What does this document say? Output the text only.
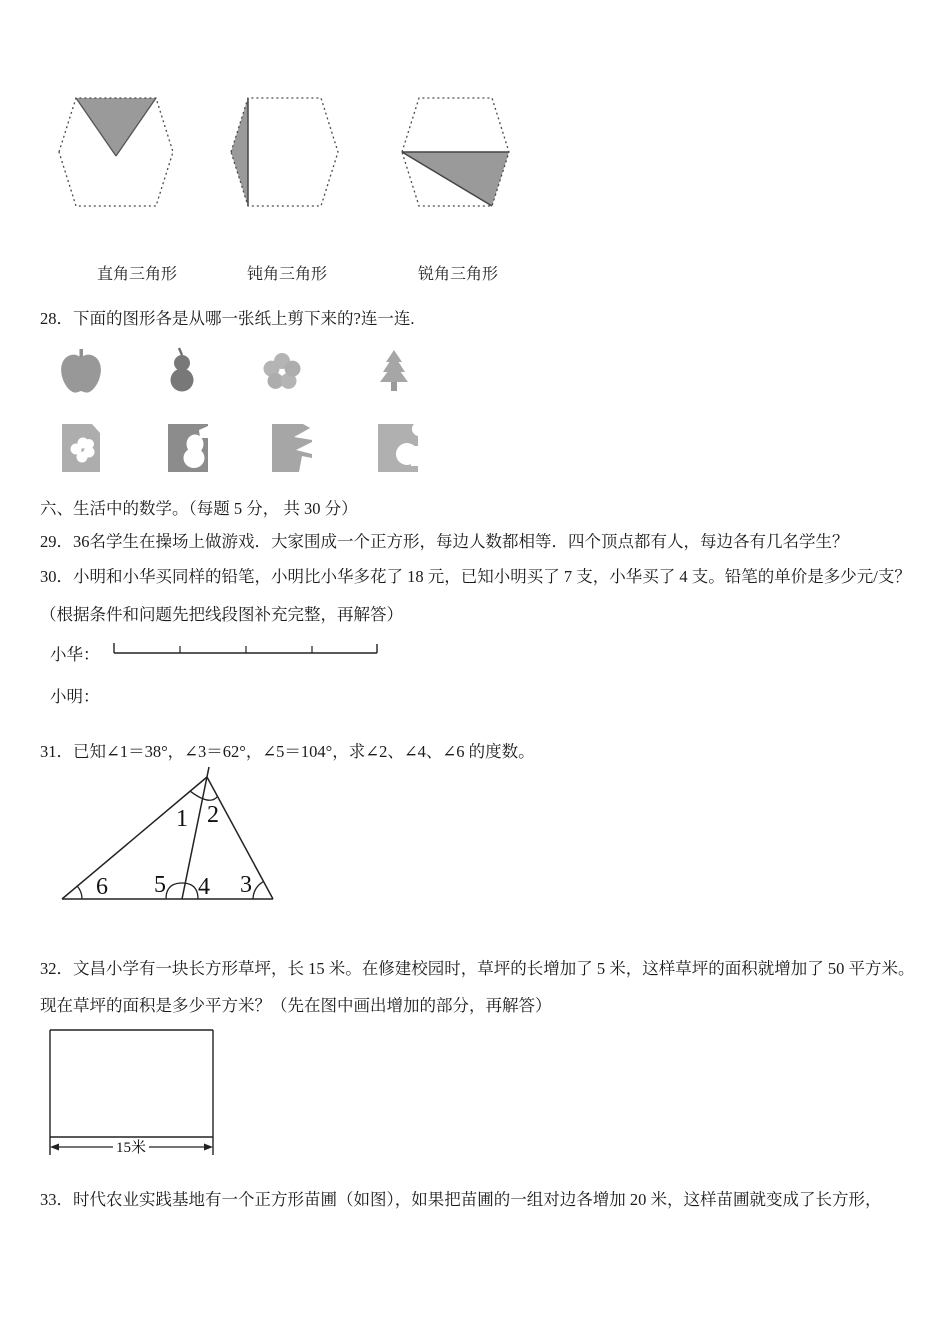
直角三角形	钝角三角形	锐角三角形
28．下面的图形各是从哪一张纸上剪下来的?连一连.
六、生活中的数学。（每题 5 分， 共 30 分）
29．36名学生在操场上做游戏．大家围成一个正方形，每边人数都相等．四个顶点都有人，每边各有几名学生？
30．小明和小华买同样的铅笔，小明比小华多花了 18 元，已知小明买了 7 支，小华买了 4 支。铅笔的单价是多少元/支？
（根据条件和问题先把线段图补充完整，再解答）
小华：
小明：
31．已知∠1＝38°，∠3＝62°，∠5＝104°，求∠2、∠4、∠6 的度数。
1 2
3
4
5
6
32．文昌小学有一块长方形草坪，长 15 米。在修建校园时，草坪的长增加了 5 米，这样草坪的面积就增加了 50 平方米。现在草坪的面积是多少平方米？（先在图中画出增加的部分，再解答）
15米
33．时代农业实践基地有一个正方形苗圃（如图），如果把苗圃的一组对边各增加 20 米，这样苗圃就变成了长方形，
